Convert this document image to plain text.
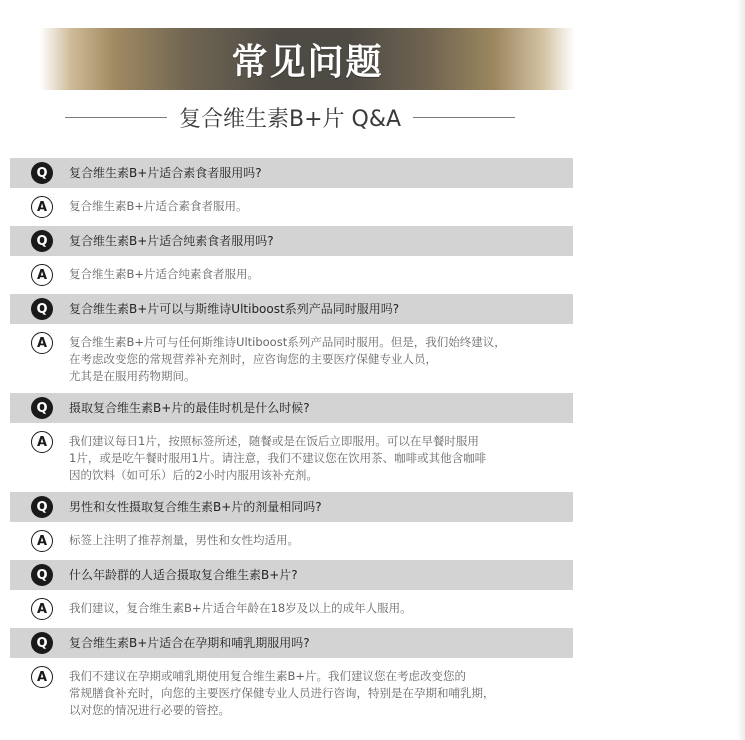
常见问题
复合维生素B+片 Q&A
Q	复合维生素B+片适合素食者服用吗?
A	复合维生素B+片适合素食者服用。
Q	复合维生素B+片适合纯素食者服用吗?
A	复合维生素B+片适合纯素食者服用。
Q	复合维生素B+片可以与斯维诗Ultiboost系列产品同时服用吗?
A	复合维生素B+片可与任何斯维诗Ultiboost系列产品同时服用。但是，我们始终建议，
在考虑改变您的常规营养补充剂时，应咨询您的主要医疗保健专业人员，
尤其是在服用药物期间。
Q	摄取复合维生素B+片的最佳时机是什么时候?
A	我们建议每日1片，按照标签所述，随餐或是在饭后立即服用。可以在早餐时服用
1片，或是吃午餐时服用1片。请注意，我们不建议您在饮用茶、咖啡或其他含咖啡
因的饮料（如可乐）后的2小时内服用该补充剂。
Q	男性和女性摄取复合维生素B+片的剂量相同吗?
A	标签上注明了推荐剂量，男性和女性均适用。
Q	什么年龄群的人适合摄取复合维生素B+片?
A	我们建议，复合维生素B+片适合年龄在18岁及以上的成年人服用。
Q	复合维生素B+片适合在孕期和哺乳期服用吗?
A	我们不建议在孕期或哺乳期使用复合维生素B+片。我们建议您在考虑改变您的
常规膳食补充时，向您的主要医疗保健专业人员进行咨询，特别是在孕期和哺乳期，
以对您的情况进行必要的管控。
